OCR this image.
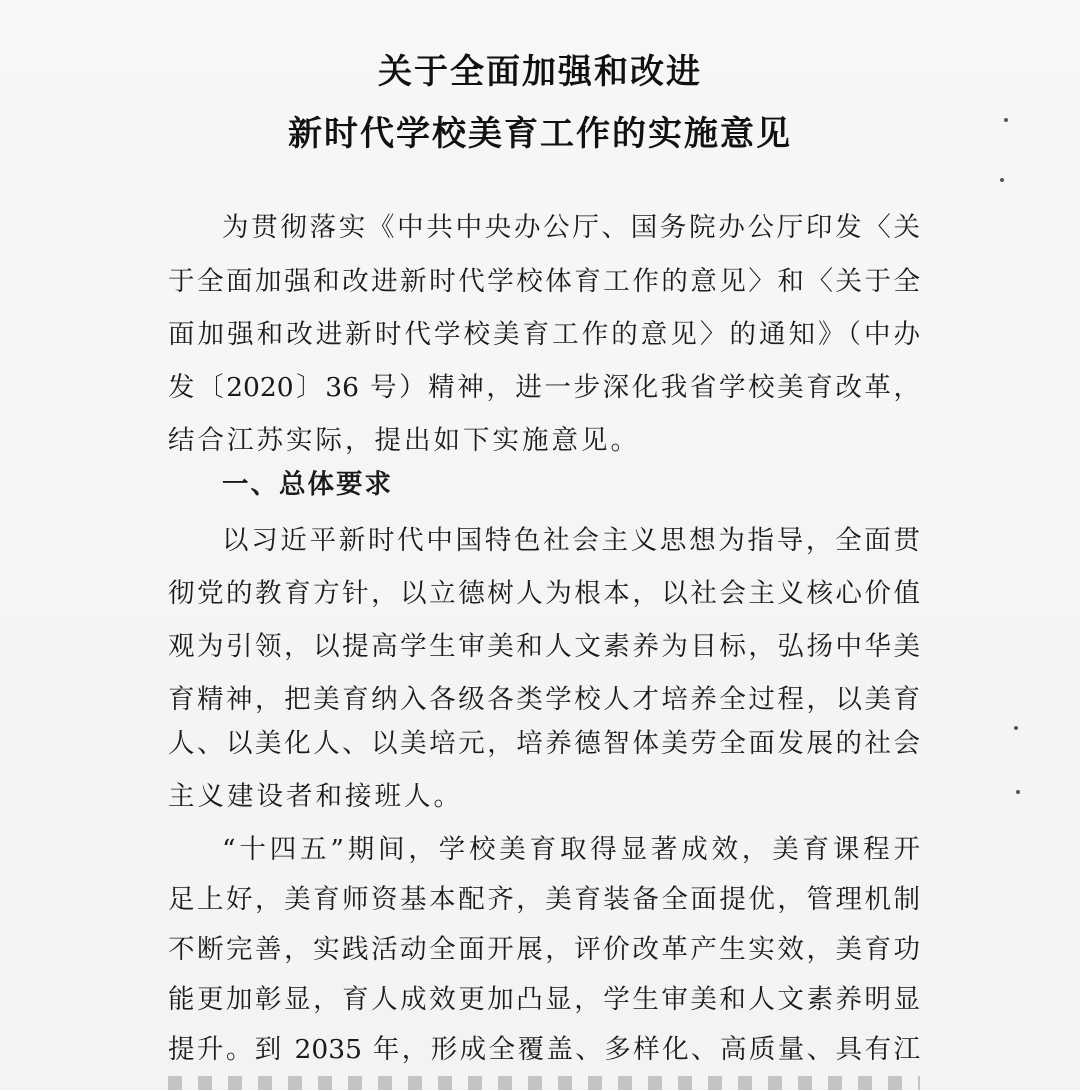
关于全面加强和改进
新时代学校美育工作的实施意见
为贯彻落实《中共中央办公厅、国务院办公厅印发〈关
于全面加强和改进新时代学校体育工作的意见〉和〈关于全
面加强和改进新时代学校美育工作的意见〉的通知》（中办
发〔2020〕36 号）精神，进一步深化我省学校美育改革，
结合江苏实际，提出如下实施意见。
一、总体要求
以习近平新时代中国特色社会主义思想为指导，全面贯
彻党的教育方针，以立德树人为根本，以社会主义核心价值
观为引领，以提高学生审美和人文素养为目标，弘扬中华美
育精神，把美育纳入各级各类学校人才培养全过程，以美育
人、以美化人、以美培元，培养德智体美劳全面发展的社会
主义建设者和接班人。
“十四五”期间，学校美育取得显著成效，美育课程开
足上好，美育师资基本配齐，美育装备全面提优，管理机制
不断完善，实践活动全面开展，评价改革产生实效，美育功
能更加彰显，育人成效更加凸显，学生审美和人文素养明显
提升。到 2035 年，形成全覆盖、多样化、高质量、具有江
